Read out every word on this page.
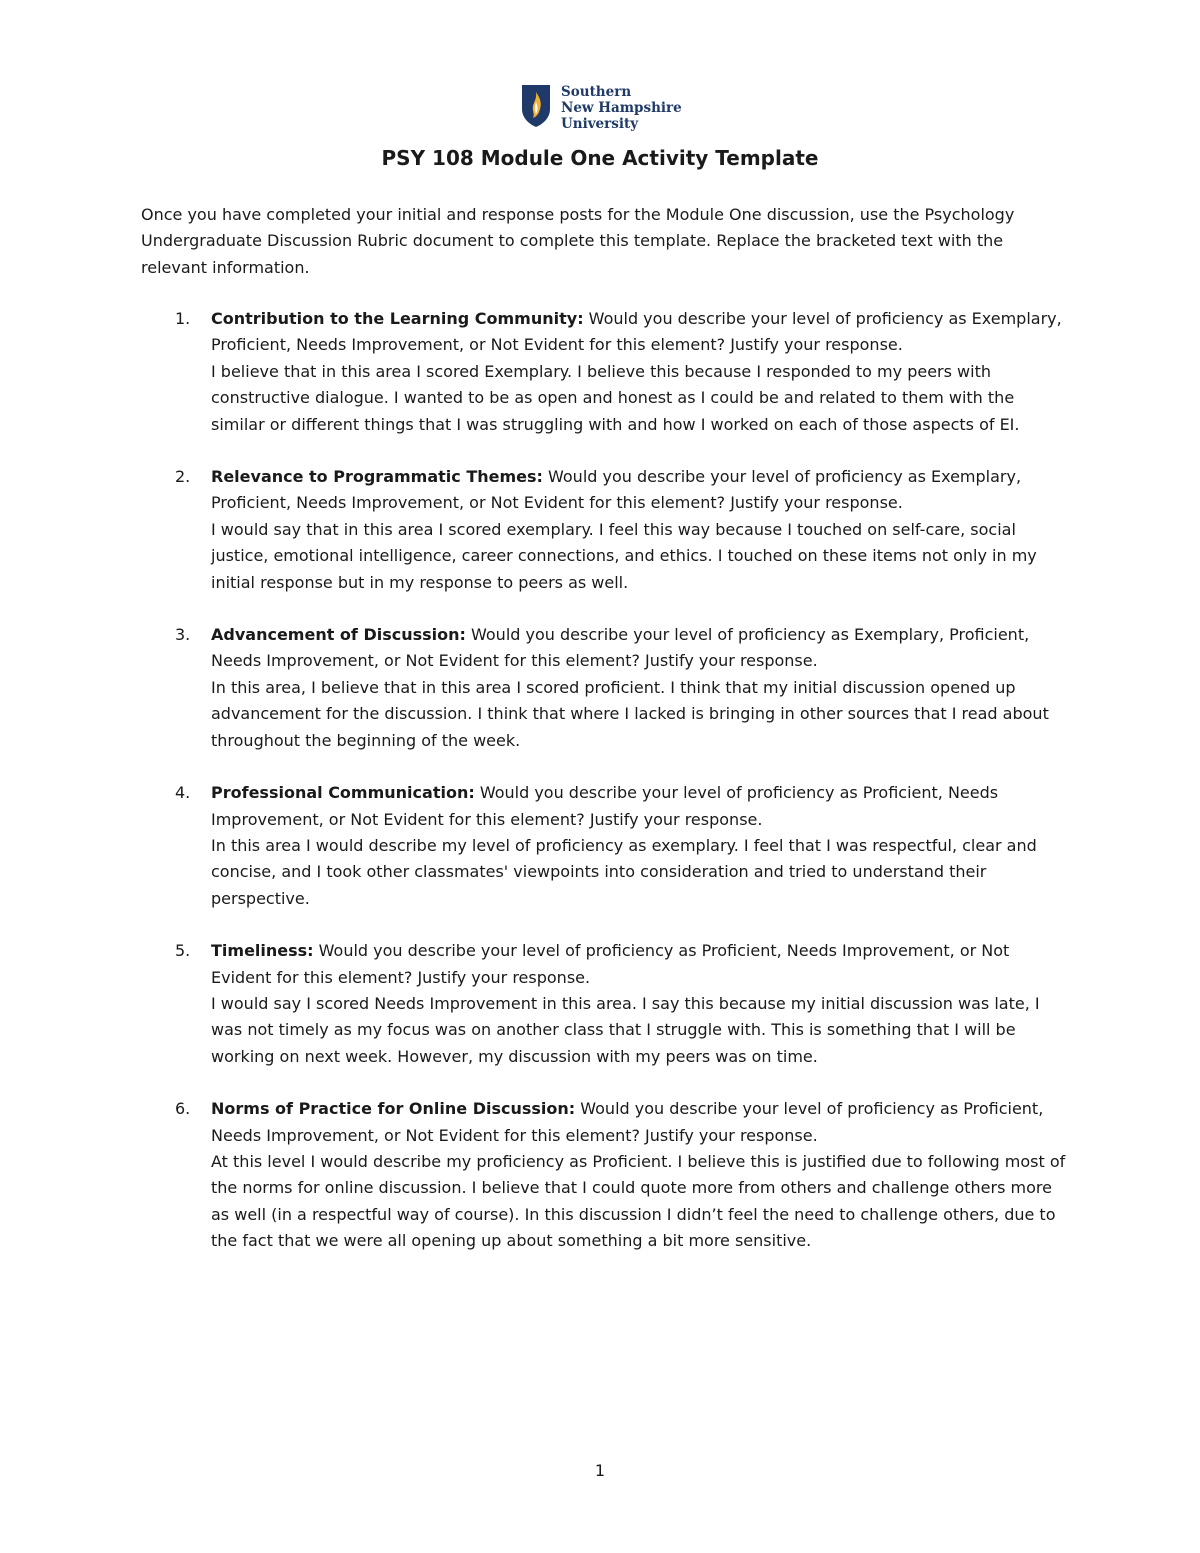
Southern
New Hampshire
University
PSY 108 Module One Activity Template

Once you have completed your initial and response posts for the Module One discussion, use the Psychology Undergraduate Discussion Rubric document to complete this template. Replace the bracketed text with the relevant information.

1. Contribution to the Learning Community: Would you describe your level of proficiency as Exemplary, Proficient, Needs Improvement, or Not Evident for this element? Justify your response.
I believe that in this area I scored Exemplary. I believe this because I responded to my peers with constructive dialogue. I wanted to be as open and honest as I could be and related to them with the similar or different things that I was struggling with and how I worked on each of those aspects of EI.
2. Relevance to Programmatic Themes: Would you describe your level of proficiency as Exemplary, Proficient, Needs Improvement, or Not Evident for this element? Justify your response.
I would say that in this area I scored exemplary. I feel this way because I touched on self-care, social justice, emotional intelligence, career connections, and ethics. I touched on these items not only in my initial response but in my response to peers as well.
3. Advancement of Discussion: Would you describe your level of proficiency as Exemplary, Proficient, Needs Improvement, or Not Evident for this element? Justify your response.
In this area, I believe that in this area I scored proficient. I think that my initial discussion opened up advancement for the discussion. I think that where I lacked is bringing in other sources that I read about throughout the beginning of the week.
4. Professional Communication: Would you describe your level of proficiency as Proficient, Needs Improvement, or Not Evident for this element? Justify your response.
In this area I would describe my level of proficiency as exemplary. I feel that I was respectful, clear and concise, and I took other classmates' viewpoints into consideration and tried to understand their perspective.
5. Timeliness: Would you describe your level of proficiency as Proficient, Needs Improvement, or Not Evident for this element? Justify your response.
I would say I scored Needs Improvement in this area. I say this because my initial discussion was late, I was not timely as my focus was on another class that I struggle with. This is something that I will be working on next week. However, my discussion with my peers was on time.
6. Norms of Practice for Online Discussion: Would you describe your level of proficiency as Proficient, Needs Improvement, or Not Evident for this element? Justify your response.
At this level I would describe my proficiency as Proficient. I believe this is justified due to following most of the norms for online discussion. I believe that I could quote more from others and challenge others more as well (in a respectful way of course). In this discussion I didn’t feel the need to challenge others, due to the fact that we were all opening up about something a bit more sensitive.
1
